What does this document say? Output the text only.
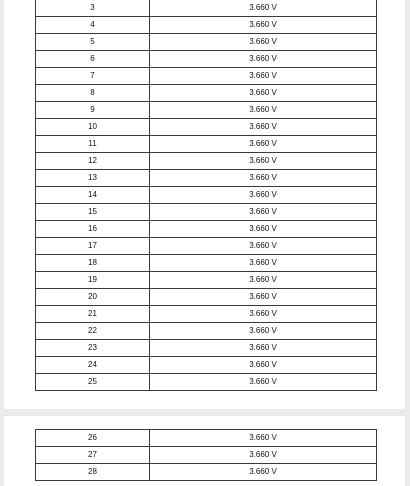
3	3.660 V
4	3.660 V
5	3.660 V
6	3.660 V
7	3.660 V
8	3.660 V
9	3.660 V
10	3.660 V
11	3.660 V
12	3.660 V
13	3.660 V
14	3.660 V
15	3.660 V
16	3.660 V
17	3.660 V
18	3.660 V
19	3.660 V
20	3.660 V
21	3.660 V
22	3.660 V
23	3.660 V
24	3.660 V
25	3.660 V
26	3.660 V
27	3.660 V
28	3.660 V
